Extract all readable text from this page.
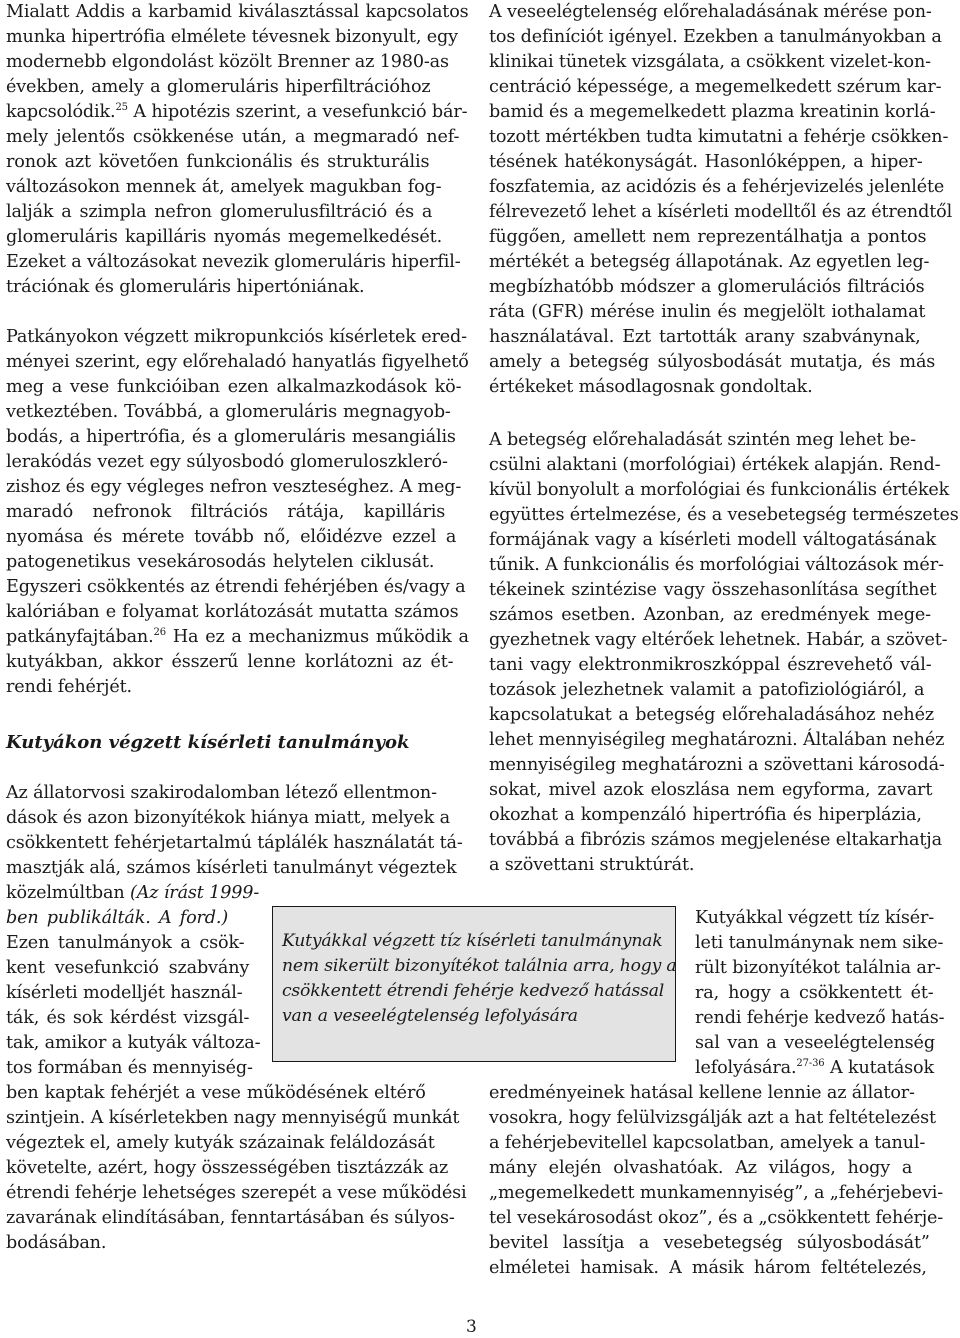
Mialatt Addis a karbamid kiválasztással kapcsolatos
munka hipertrófia elmélete tévesnek bizonyult, egy
modernebb elgondolást közölt Brenner az 1980-as
években, amely a glomeruláris hiperfiltrációhoz
kapcsolódik.$^{25}$ A hipotézis szerint, a vesefunkció bár-
mely jelentős csökkenése után, a megmaradó nef-
ronok azt követően funkcionális és strukturális
változásokon mennek át, amelyek magukban fog-
lalják a szimpla nefron glomerulusfiltráció és a
glomeruláris kapilláris nyomás megemelkedését.
Ezeket a változásokat nevezik glomeruláris hiperfil-
trációnak és glomeruláris hipertóniának.
Patkányokon végzett mikropunkciós kísérletek ered-
ményei szerint, egy előrehaladó hanyatlás figyelhető
meg a vese funkcióiban ezen alkalmazkodások kö-
vetkeztében. Továbbá, a glomeruláris megnagyob-
bodás, a hipertrófia, és a glomeruláris mesangiális
lerakódás vezet egy súlyosbodó glomeruloszkleró-
zishoz és egy végleges nefron veszteséghez. A meg-
maradó nefronok filtrációs rátája, kapilláris
nyomása és mérete tovább nő, előidézve ezzel a
patogenetikus vesekárosodás helytelen ciklusát.
Egyszeri csökkentés az étrendi fehérjében és/vagy a
kalóriában e folyamat korlátozását mutatta számos
patkányfajtában.$^{26}$ Ha ez a mechanizmus működik a
kutyákban, akkor ésszerű lenne korlátozni az ét-
rendi fehérjét.
Kutyákon végzett kísérleti tanulmányok
Az állatorvosi szakirodalomban létező ellentmon-
dások és azon bizonyítékok hiánya miatt, melyek a
csökkentett fehérjetartalmú táplálék használatát tá-
masztják alá, számos kísérleti tanulmányt végeztek
közelmúltban (Az írást 1999-
ben publikálták. A ford.)
Ezen tanulmányok a csök-
kent vesefunkció szabvány
kísérleti modelljét használ-
ták, és sok kérdést vizsgál-
tak, amikor a kutyák változa-
tos formában és mennyiség-
ben kaptak fehérjét a vese működésének eltérő
szintjein. A kísérletekben nagy mennyiségű munkát
végeztek el, amely kutyák százainak feláldozását
követelte, azért, hogy összességében tisztázzák az
étrendi fehérje lehetséges szerepét a vese működési
zavarának elindításában, fenntartásában és súlyos-
bodásában.
A veseelégtelenség előrehaladásának mérése pon-
tos definíciót igényel. Ezekben a tanulmányokban a
klinikai tünetek vizsgálata, a csökkent vizelet-kon-
centráció képessége, a megemelkedett szérum kar-
bamid és a megemelkedett plazma kreatinin korlá-
tozott mértékben tudta kimutatni a fehérje csökken-
tésének hatékonyságát. Hasonlóképpen, a hiper-
foszfatemia, az acidózis és a fehérjevizelés jelenléte
félrevezető lehet a kísérleti modelltől és az étrendtől
függően, amellett nem reprezentálhatja a pontos
mértékét a betegség állapotának. Az egyetlen leg-
megbízhatóbb módszer a glomerulációs filtrációs
ráta (GFR) mérése inulin és megjelölt iothalamat
használatával. Ezt tartották arany szabványnak,
amely a betegség súlyosbodását mutatja, és más
értékeket másodlagosnak gondoltak.
A betegség előrehaladását szintén meg lehet be-
csülni alaktani (morfológiai) értékek alapján. Rend-
kívül bonyolult a morfológiai és funkcionális értékek
együttes értelmezése, és a vesebetegség természetes
formájának vagy a kísérleti modell váltogatásának
tűnik. A funkcionális és morfológiai változások mér-
tékeinek szintézise vagy összehasonlítása segíthet
számos esetben. Azonban, az eredmények mege-
gyezhetnek vagy eltérőek lehetnek. Habár, a szövet-
tani vagy elektronmikroszkóppal észrevehető vál-
tozások jelezhetnek valamit a patofiziológiáról, a
kapcsolatukat a betegség előrehaladásához nehéz
lehet mennyiségileg meghatározni. Általában nehéz
mennyiségileg meghatározni a szövettani károsodá-
sokat, mivel azok eloszlása nem egyforma, zavart
okozhat a kompenzáló hipertrófia és hiperplázia,
továbbá a fibrózis számos megjelenése eltakarhatja
a szövettani struktúrát.
Kutyákkal végzett tíz kísér-
leti tanulmánynak nem sike-
rült bizonyítékot találnia ar-
ra, hogy a csökkentett ét-
rendi fehérje kedvező hatás-
sal van a veseelégtelenség
lefolyására.$^{27-36}$ A kutatások
eredményeinek hatásal kellene lennie az állator-
vosokra, hogy felülvizsgálják azt a hat feltételezést
a fehérjebevitellel kapcsolatban, amelyek a tanul-
mány elején olvashatóak. Az világos, hogy a
„megemelkedett munkamennyiség”, a „fehérjebevi-
tel vesekárosodást okoz”, és a „csökkentett fehérje-
bevitel lassítja a vesebetegség súlyosbodását”
elméletei hamisak. A másik három feltételezés,
Kutyákkal végzett tíz kísérleti tanulmánynak
nem sikerült bizonyítékot találnia arra, hogy a
csökkentett étrendi fehérje kedvező hatással
van a veseelégtelenség lefolyására
3
